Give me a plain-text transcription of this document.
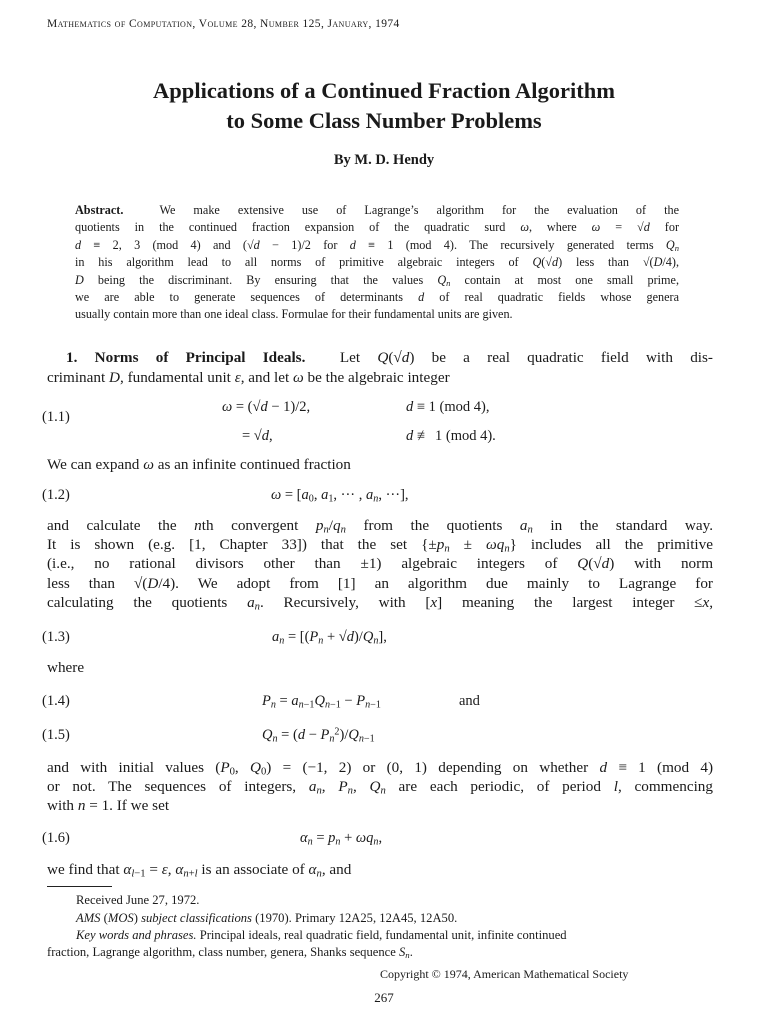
Mathematics of Computation, Volume 28, Number 125, January, 1974
Applications of a Continued Fraction Algorithm
to Some Class Number Problems
By M. D. Hendy
Abstract.  We make extensive use of Lagrange’s algorithm for the evaluation of the
quotients in the continued fraction expansion of the quadratic surd ω, where ω = √d for
d ≡ 2, 3 (mod 4) and (√d − 1)/2 for d ≡ 1 (mod 4). The recursively generated terms $Q_n$
in his algorithm lead to all norms of primitive algebraic integers of Q(√d) less than √(D/4),
D being the discriminant. By ensuring that the values $Q_n$ contain at most one small prime,
we are able to generate sequences of determinants d of real quadratic fields whose genera
usually contain more than one ideal class. Formulae for their fundamental units are given.
1. Norms of Principal Ideals.  Let Q(√d) be a real quadratic field with dis-
criminant D, fundamental unit ε, and let ω be the algebraic integer
(1.1)
ω = (√d − 1)/2,	d ≡ 1 (mod 4),
= √d,	d ≢ 1 (mod 4).
We can expand ω as an infinite continued fraction
(1.2)	$\omega = [a_0$, $a_1$, ··· , $a_n$, ···],
and calculate the nth convergent $p_n/q_n$ from the quotients $a_n$ in the standard way.
It is shown (e.g. [1, Chapter 33]) that the set $\{\pm p_n \pm \omega q_n\}$ includes all the primitive
(i.e., no rational divisors other than ±1) algebraic integers of Q(√d) with norm
less than √(D/4). We adopt from [1] an algorithm due mainly to Lagrange for
calculating the quotients $a_n$. Recursively, with [x] meaning the largest integer ≤x,
(1.3)	$a_n = [(P_n + √d)/Q_n]$,
where
(1.4)	$P_n = a_{n-1}Q_{n-1} - P_{n-1}$	and
(1.5)	$Q_n = (d - P_n^2)/Q_{n-1}$
and with initial values ($P_0$, $Q_0) = (-1$, 2) or (0, 1) depending on whether d ≡ 1 (mod 4)
or not. The sequences of integers, $a_n$, $P_n$, $Q_n$ are each periodic, of period l, commencing
with n = 1. If we set
(1.6)	$\alpha_n = p_n + \omega q_n$,
we find that $\alpha_{l-1} = \varepsilon$, $\alpha_{n+l}$ is an associate of $\alpha_n$, and
Received June 27, 1972.
AMS (MOS) subject classifications (1970). Primary 12A25, 12A45, 12A50.
Key words and phrases. Principal ideals, real quadratic field, fundamental unit, infinite continued
fraction, Lagrange algorithm, class number, genera, Shanks sequence $S_n$.
Copyright © 1974, American Mathematical Society
267
